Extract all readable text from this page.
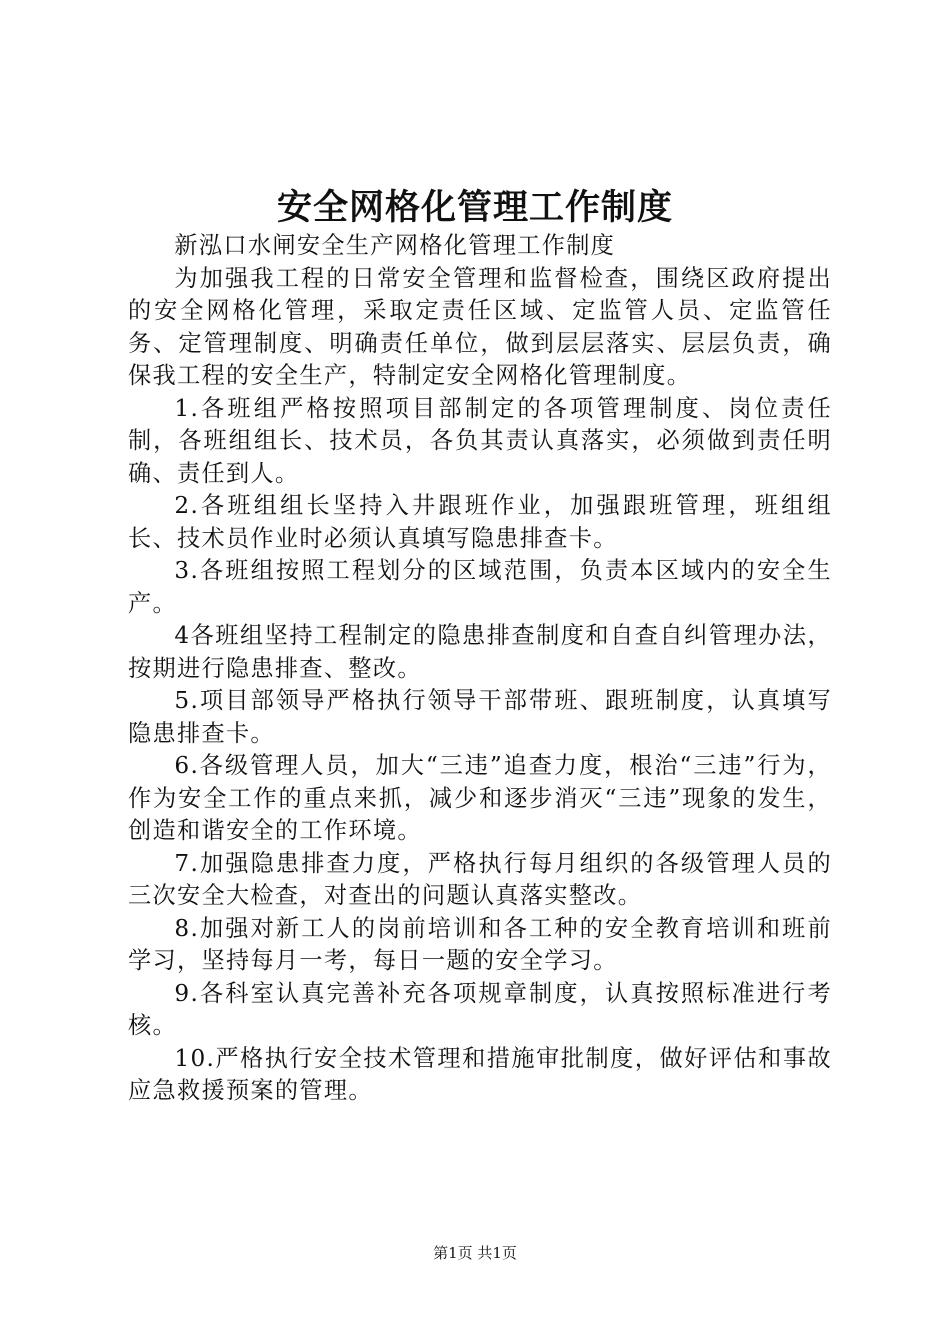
安全网格化管理工作制度

新泓口水闸安全生产网格化管理工作制度

为加强我工程的日常安全管理和监督检查，围绕区政府提出的安全网格化管理，采取定责任区域、定监管人员、定监管任务、定管理制度、明确责任单位，做到层层落实、层层负责，确保我工程的安全生产，特制定安全网格化管理制度。

1.各班组严格按照项目部制定的各项管理制度、岗位责任制，各班组组长、技术员，各负其责认真落实，必须做到责任明确、责任到人。

2.各班组组长坚持入井跟班作业，加强跟班管理，班组组长、技术员作业时必须认真填写隐患排查卡。

3.各班组按照工程划分的区域范围，负责本区域内的安全生产。

4各班组坚持工程制定的隐患排查制度和自查自纠管理办法，按期进行隐患排查、整改。

5.项目部领导严格执行领导干部带班、跟班制度，认真填写隐患排查卡。

6.各级管理人员，加大“三违”追查力度，根治“三违”行为，作为安全工作的重点来抓，减少和逐步消灭“三违”现象的发生，创造和谐安全的工作环境。

7.加强隐患排查力度，严格执行每月组织的各级管理人员的三次安全大检查，对查出的问题认真落实整改。

8.加强对新工人的岗前培训和各工种的安全教育培训和班前学习，坚持每月一考，每日一题的安全学习。

9.各科室认真完善补充各项规章制度，认真按照标准进行考核。

10.严格执行安全技术管理和措施审批制度，做好评估和事故应急救援预案的管理。

第1页 共1页
